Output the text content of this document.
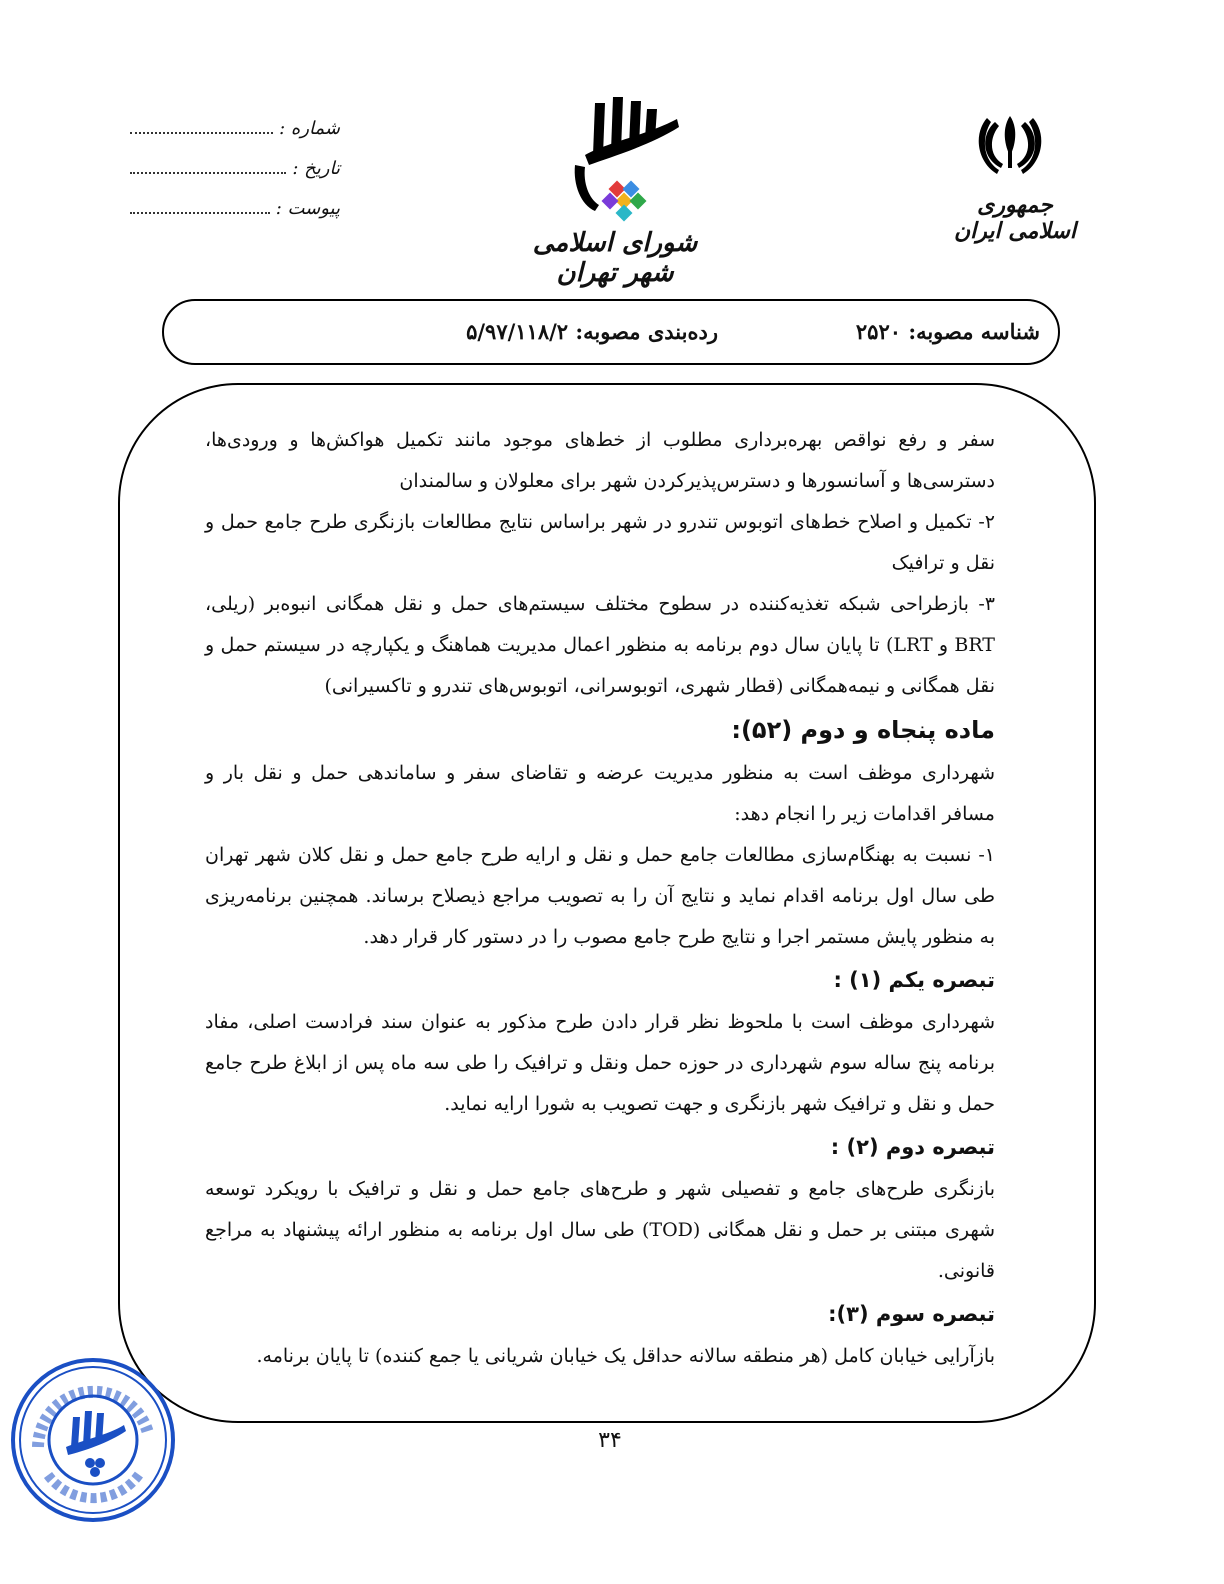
جمهوری اسلامی ایران
شورای اسلامی شهر تهران
شماره :
تاریخ :
پیوست :
شناسه مصوبه: ۲۵۲۰
رده‌بندی مصوبه: ۵/۹۷/۱۱۸/۲

سفر و رفع نواقص بهره‌برداری مطلوب از خط‌های موجود مانند تکمیل هواکش‌ها و ورودی‌ها، دسترسی‌ها و آسانسورها و دسترس‌پذیرکردن شهر برای معلولان و سالمندان

۲- تکمیل و اصلاح خط‌های اتوبوس تندرو در شهر براساس نتایج مطالعات بازنگری طرح جامع حمل و نقل و ترافیک

۳- بازطراحی شبکه تغذیه‌کننده در سطوح مختلف سیستم‌های حمل و نقل همگانی انبوه‌بر (ریلی، BRT و LRT) تا پایان سال دوم برنامه به منظور اعمال مدیریت هماهنگ و یکپارچه در سیستم حمل و نقل همگانی و نیمه‌همگانی (قطار شهری، اتوبوسرانی، اتوبوس‌های تندرو و تاکسیرانی)

ماده پنجاه و دوم (۵۲):

شهرداری موظف است به منظور مدیریت عرضه و تقاضای سفر و ساماندهی حمل و نقل بار و مسافر اقدامات زیر را انجام دهد:

۱- نسبت به بهنگام‌سازی مطالعات جامع حمل و نقل و ارایه طرح جامع حمل و نقل کلان شهر تهران طی سال اول برنامه اقدام نماید و نتایج آن را به تصویب مراجع ذیصلاح برساند. همچنین برنامه‌ریزی به منظور پایش مستمر اجرا و نتایج طرح جامع مصوب را در دستور کار قرار دهد.

تبصره یکم (۱) :

شهرداری موظف است با ملحوظ نظر قرار دادن طرح مذکور به عنوان سند فرادست اصلی، مفاد برنامه پنج ساله سوم شهرداری در حوزه حمل ونقل و ترافیک را طی سه ماه پس از ابلاغ طرح جامع حمل و نقل و ترافیک شهر بازنگری و جهت تصویب به شورا ارایه نماید.

تبصره دوم (۲) :

بازنگری طرح‌های جامع و تفصیلی شهر و طرح‌های جامع حمل و نقل و ترافیک با رویکرد توسعه شهری مبتنی بر حمل و نقل همگانی (TOD) طی سال اول برنامه به منظور ارائه پیشنهاد به مراجع قانونی.

تبصره سوم (۳):

بازآرایی خیابان کامل (هر منطقه سالانه حداقل یک خیابان شریانی یا جمع کننده) تا پایان برنامه.

۳۴
